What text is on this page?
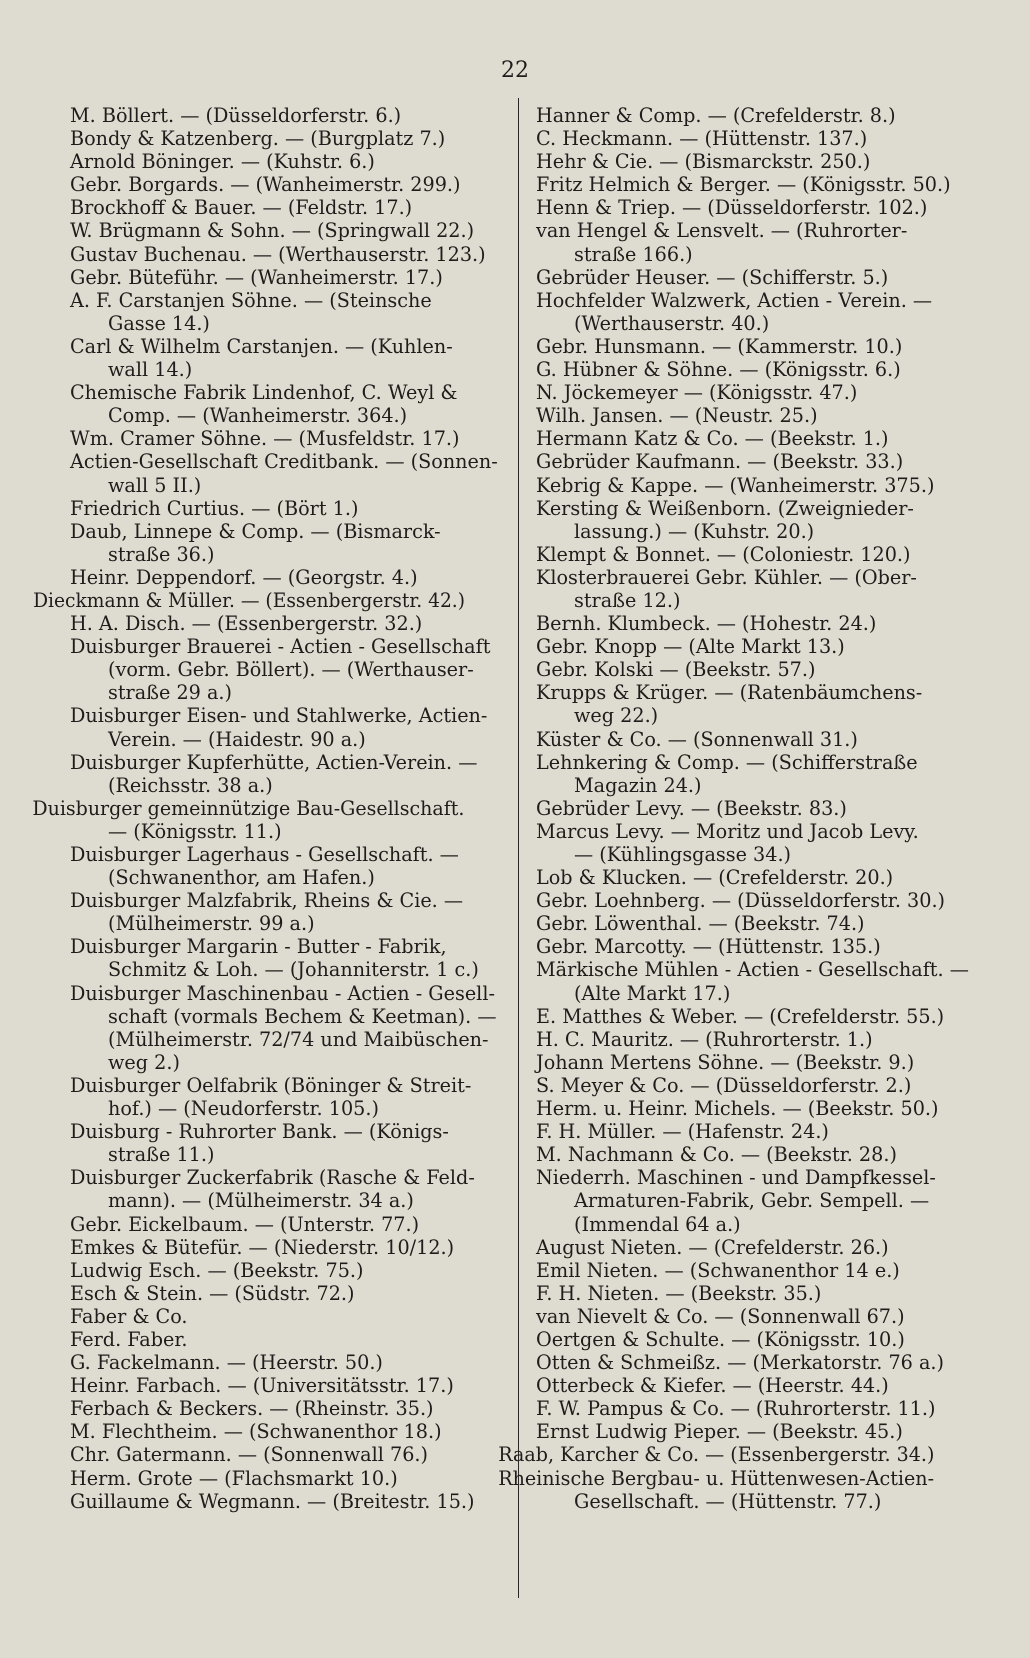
22
M. Böllert. — (Düsseldorferstr. 6.)
Bondy & Katzenberg. — (Burgplatz 7.)
Arnold Böninger. — (Kuhstr. 6.)
Gebr. Borgards. — (Wanheimerstr. 299.)
Brockhoff & Bauer. — (Feldstr. 17.)
W. Brügmann & Sohn. — (Springwall 22.)
Gustav Buchenau. — (Werthauserstr. 123.)
Gebr. Büteführ. — (Wanheimerstr. 17.)
A. F. Carstanjen Söhne. — (Steinsche
Gasse 14.)
Carl & Wilhelm Carstanjen. — (Kuhlen-
wall 14.)
Chemische Fabrik Lindenhof, C. Weyl &
Comp. — (Wanheimerstr. 364.)
Wm. Cramer Söhne. — (Musfeldstr. 17.)
Actien-Gesellschaft Creditbank. — (Sonnen-
wall 5 II.)
Friedrich Curtius. — (Bört 1.)
Daub, Linnepe & Comp. — (Bismarck-
straße 36.)
Heinr. Deppendorf. — (Georgstr. 4.)
Dieckmann & Müller. — (Essenbergerstr. 42.)
H. A. Disch. — (Essenbergerstr. 32.)
Duisburger Brauerei - Actien - Gesellschaft
(vorm. Gebr. Böllert). — (Werthauser-
straße 29 a.)
Duisburger Eisen- und Stahlwerke, Actien-
Verein. — (Haidestr. 90 a.)
Duisburger Kupferhütte, Actien-Verein. —
(Reichsstr. 38 a.)
Duisburger gemeinnützige Bau-Gesellschaft.
— (Königsstr. 11.)
Duisburger Lagerhaus - Gesellschaft. —
(Schwanenthor, am Hafen.)
Duisburger Malzfabrik, Rheins & Cie. —
(Mülheimerstr. 99 a.)
Duisburger Margarin - Butter - Fabrik,
Schmitz & Loh. — (Johanniterstr. 1 c.)
Duisburger Maschinenbau - Actien - Gesell-
schaft (vormals Bechem & Keetman). —
(Mülheimerstr. 72/74 und Maibüschen-
weg 2.)
Duisburger Oelfabrik (Böninger & Streit-
hof.) — (Neudorferstr. 105.)
Duisburg - Ruhrorter Bank. — (Königs-
straße 11.)
Duisburger Zuckerfabrik (Rasche & Feld-
mann). — (Mülheimerstr. 34 a.)
Gebr. Eickelbaum. — (Unterstr. 77.)
Emkes & Bütefür. — (Niederstr. 10/12.)
Ludwig Esch. — (Beekstr. 75.)
Esch & Stein. — (Südstr. 72.)
Faber & Co.
Ferd. Faber.
G. Fackelmann. — (Heerstr. 50.)
Heinr. Farbach. — (Universitätsstr. 17.)
Ferbach & Beckers. — (Rheinstr. 35.)
M. Flechtheim. — (Schwanenthor 18.)
Chr. Gatermann. — (Sonnenwall 76.)
Herm. Grote — (Flachsmarkt 10.)
Guillaume & Wegmann. — (Breitestr. 15.)
Hanner & Comp. — (Crefelderstr. 8.)
C. Heckmann. — (Hüttenstr. 137.)
Hehr & Cie. — (Bismarckstr. 250.)
Fritz Helmich & Berger. — (Königsstr. 50.)
Henn & Triep. — (Düsseldorferstr. 102.)
van Hengel & Lensvelt. — (Ruhrorter-
straße 166.)
Gebrüder Heuser. — (Schifferstr. 5.)
Hochfelder Walzwerk, Actien - Verein. —
(Werthauserstr. 40.)
Gebr. Hunsmann. — (Kammerstr. 10.)
G. Hübner & Söhne. — (Königsstr. 6.)
N. Jöckemeyer — (Königsstr. 47.)
Wilh. Jansen. — (Neustr. 25.)
Hermann Katz & Co. — (Beekstr. 1.)
Gebrüder Kaufmann. — (Beekstr. 33.)
Kebrig & Kappe. — (Wanheimerstr. 375.)
Kersting & Weißenborn. (Zweignieder-
lassung.) — (Kuhstr. 20.)
Klempt & Bonnet. — (Coloniestr. 120.)
Klosterbrauerei Gebr. Kühler. — (Ober-
straße 12.)
Bernh. Klumbeck. — (Hohestr. 24.)
Gebr. Knopp — (Alte Markt 13.)
Gebr. Kolski — (Beekstr. 57.)
Krupps & Krüger. — (Ratenbäumchens-
weg 22.)
Küster & Co. — (Sonnenwall 31.)
Lehnkering & Comp. — (Schifferstraße
Magazin 24.)
Gebrüder Levy. — (Beekstr. 83.)
Marcus Levy. — Moritz und Jacob Levy.
— (Kühlingsgasse 34.)
Lob & Klucken. — (Crefelderstr. 20.)
Gebr. Loehnberg. — (Düsseldorferstr. 30.)
Gebr. Löwenthal. — (Beekstr. 74.)
Gebr. Marcotty. — (Hüttenstr. 135.)
Märkische Mühlen - Actien - Gesellschaft. —
(Alte Markt 17.)
E. Matthes & Weber. — (Crefelderstr. 55.)
H. C. Mauritz. — (Ruhrorterstr. 1.)
Johann Mertens Söhne. — (Beekstr. 9.)
S. Meyer & Co. — (Düsseldorferstr. 2.)
Herm. u. Heinr. Michels. — (Beekstr. 50.)
F. H. Müller. — (Hafenstr. 24.)
M. Nachmann & Co. — (Beekstr. 28.)
Niederrh. Maschinen - und Dampfkessel-
Armaturen-Fabrik, Gebr. Sempell. —
(Immendal 64 a.)
August Nieten. — (Crefelderstr. 26.)
Emil Nieten. — (Schwanenthor 14 e.)
F. H. Nieten. — (Beekstr. 35.)
van Nievelt & Co. — (Sonnenwall 67.)
Oertgen & Schulte. — (Königsstr. 10.)
Otten & Schmeißz. — (Merkatorstr. 76 a.)
Otterbeck & Kiefer. — (Heerstr. 44.)
F. W. Pampus & Co. — (Ruhrorterstr. 11.)
Ernst Ludwig Pieper. — (Beekstr. 45.)
Raab, Karcher & Co. — (Essenbergerstr. 34.)
Rheinische Bergbau- u. Hüttenwesen-Actien-
Gesellschaft. — (Hüttenstr. 77.)
